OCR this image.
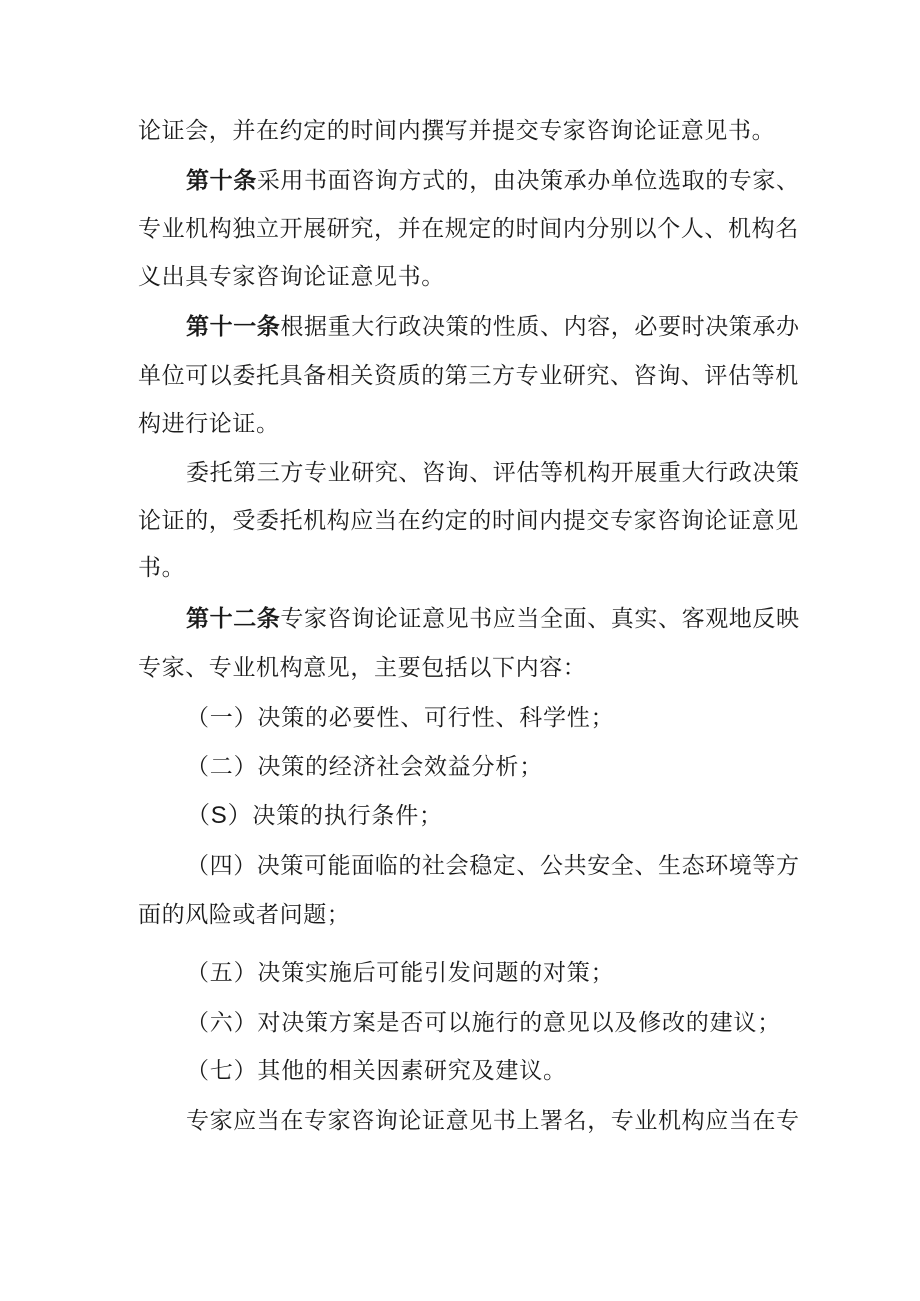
论证会，并在约定的时间内撰写并提交专家咨询论证意见书。
第十条采用书面咨询方式的，由决策承办单位选取的专家、
专业机构独立开展研究，并在规定的时间内分别以个人、机构名
义出具专家咨询论证意见书。
第十一条根据重大行政决策的性质、内容，必要时决策承办
单位可以委托具备相关资质的第三方专业研究、咨询、评估等机
构进行论证。
委托第三方专业研究、咨询、评估等机构开展重大行政决策
论证的，受委托机构应当在约定的时间内提交专家咨询论证意见
书。
第十二条专家咨询论证意见书应当全面、真实、客观地反映
专家、专业机构意见，主要包括以下内容：
（一）决策的必要性、可行性、科学性；
（二）决策的经济社会效益分析；
（S）决策的执行条件；
（四）决策可能面临的社会稳定、公共安全、生态环境等方
面的风险或者问题；
（五）决策实施后可能引发问题的对策；
（六）对决策方案是否可以施行的意见以及修改的建议；
（七）其他的相关因素研究及建议。
专家应当在专家咨询论证意见书上署名，专业机构应当在专
